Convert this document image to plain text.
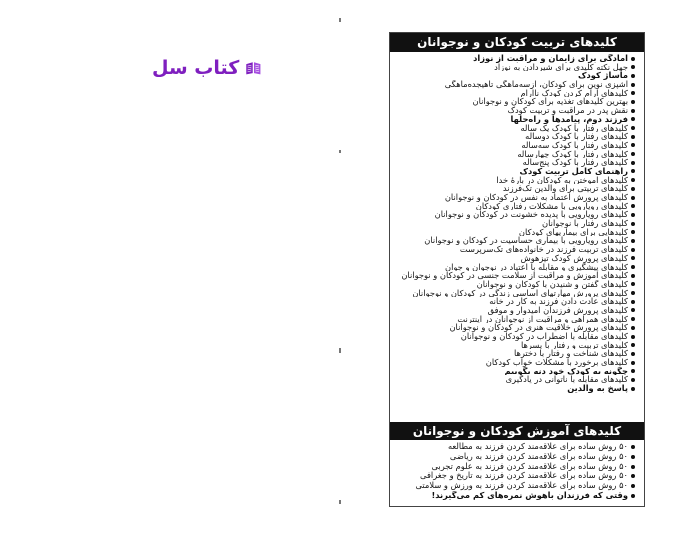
کتاب سل
کلیدهای تربیت کودکان و نوجوانان
امادگی برای زایمان و مراقبت از نوزاد
جهل نکته کلیدی برای شیردادن به نوزاد
ماساژ کودک
آشپزی نوین برای کودکان، ازسه‌ماهگی تاهیجده‌ماهگی
کلیدهای آرام کردن کودک ناآرام
بهترین کلیدهای تغذیه برای کودکان و نوجوانان
نقش پدر در مراقبت و تربیت کودک
فرزند دوم، پیامدها و راه‌حلها
کلیدهای رفتار با کودک یک ساله
کلیدهای رفتار با کودک دوساله
کلیدهای رفتار با کودک سه‌ساله
کلیدهای رفتار با کودک چهارساله
کلیدهای رفتار با کودک پنج‌ساله
راهنمای کامل تربیت کودک
کلیدهای آموختن به کودکان در بارهٔ خدا
کلیدهای تربیتی برای والدین تک‌فرزند
کلیدهای پرورش اعتماد به نفس در کودکان و نوجوانان
کلیدهای رویارویی با مشکلات رفتاری کودکان
کلیدهای رویارویی با پدیده خشونت در کودکان و نوجوانان
کلیدهای رفتار با نوجوانان
کلیدهایی برای بیماریهای کودکان
کلیدهای رویارویی با بیماری حساسیت در کودکان و نوجوانان
کلیدهای تربیت فرزند در خانواده‌های تک‌سرپرست
کلیدهای پرورش کودک تیزهوش
کلیدهای پیشگیری و مقابله با اعتیاد در نوجوان و جوان
کلیدهای آموزش و مراقبت از سلامت جنسی در کودکان و نوجوانان
کلیدهای گفتن و شنیدن با کودکان و نوجوانان
کلیدهای پرورش مهارتهای اساسی زندگی در کودکان و نوجوانان
کلیدهای عادت دادن فرزند به کار در خانه
کلیدهای پرورش فرزندان امیدوار و موفق
کلیدهای همراهی و مراقبت از نوجوانان در اینترنت
کلیدهای پرورش خلاقیت هنری در کودکان و نوجوانان
کلیدهای مقابله با اضطراب در کودکان و نوجوانان
کلیدهای تربیت و رفتار با پسرها
کلیدهای شناخت و رفتار با دخترها
کلیدهای برخورد با مشکلات خواب کودکان
چگونه به کودک خود دنه بگوییم
کلیدهای مقابله با ناتوانی در یادگیری
پاسخ به والدین
کلیدهای آموزش کودکان و نوجوانان
۵۰ روش ساده برای علاقه‌مند کردن فرزند به مطالعه
۵۰ روش ساده برای علاقه‌مند کردن فرزند به ریاضی
۵۰ روش ساده برای علاقه‌مند کردن فرزند به علوم تجربی
۵۰ روش ساده برای علاقه‌مند کردن فرزند به تاریخ و جغرافی
۵۰ روش ساده برای علاقه‌مند کردن فرزند به ورزش و سلامتی
وقتی که فرزندان باهوش نمره‌های کم می‌گیرند!
